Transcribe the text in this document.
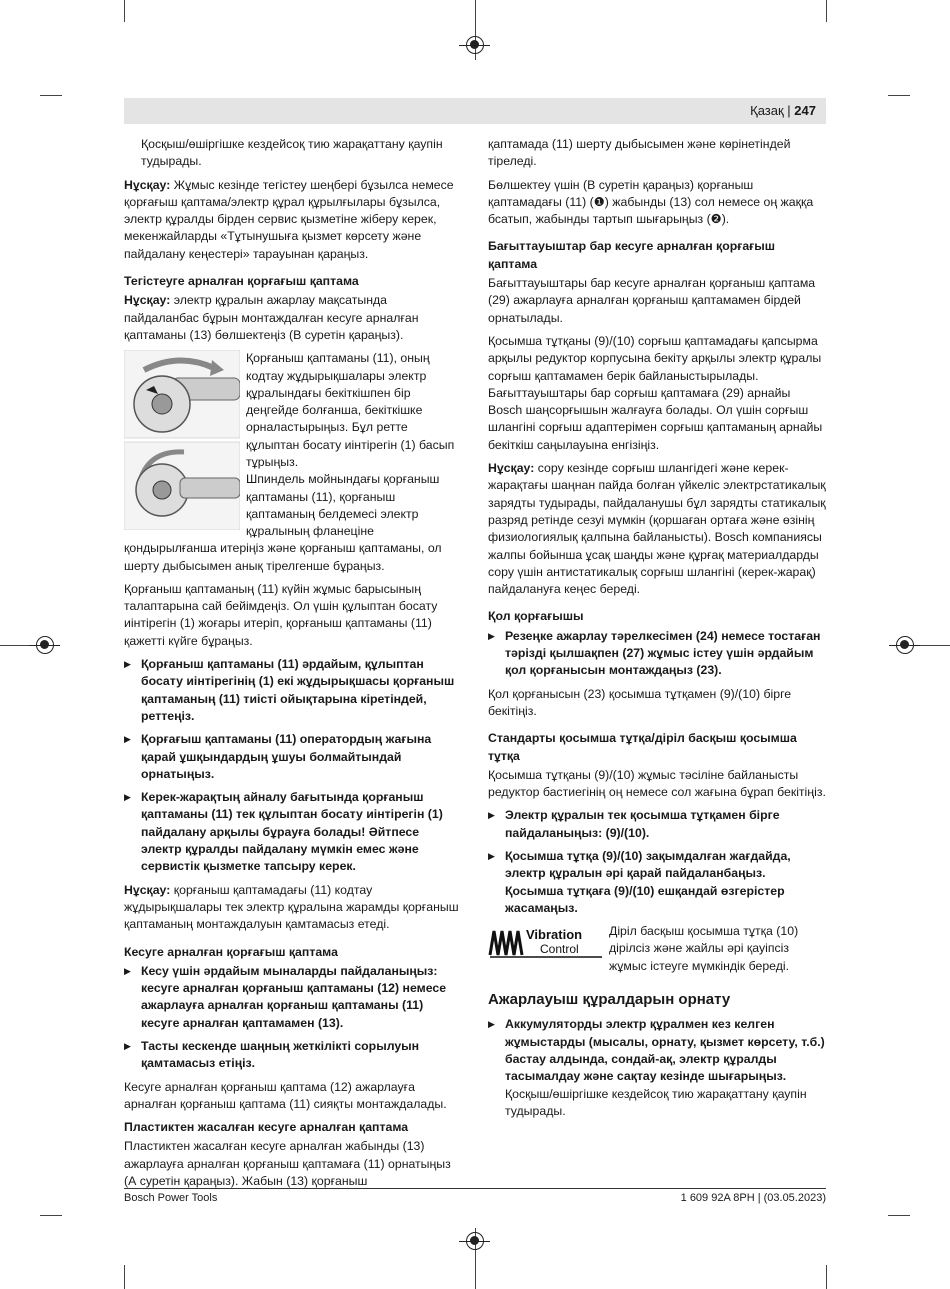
Қазақ | 247

Қосқыш/өшіргішке кездейсоқ тию жарақаттану қаупін тудырады.

Нұсқау: Жұмыс кезінде тегістеу шеңбері бұзылса немесе қорғағыш қаптама/электр құрал құрылғылары бұзылса, электр құралды бірден сервис қызметіне жіберу керек, мекенжайларды «Тұтынушыға қызмет көрсету және пайдалану кеңестері» тарауынан қараңыз.

Тегістеуге арналған қорғағыш қаптама

Нұсқау: электр құралын ажарлау мақсатында пайдаланбас бұрын монтаждалған кесуге арналған қаптаманы (13) бөлшектеңіз (В суретін қараңыз).

Қорғаныш қаптаманы (11), оның кодтау жұдырықшалары электр құралындағы бекіткішпен бір деңгейде болғанша, бекіткішке орналастырыңыз. Бұл ретте құлыптан босату иінтірегін (1) басып тұрыңыз.
Шпиндель мойнындағы қорғаныш қаптаманы (11), қорғаныш қаптаманың белдемесі электр құралының фланеціне

қондырылғанша итеріңіз және қорғаныш қаптаманы, ол шерту дыбысымен анық тірелгенше бұраңыз.

Қорғаныш қаптаманың (11) күйін жұмыс барысының талаптарына сай бейімдеңіз. Ол үшін құлыптан босату иінтірегін (1) жоғары итеріп, қорғаныш қаптаманы (11) қажетті күйге бұраңыз.

▶ Қорғаныш қаптаманы (11) әрдайым, құлыптан босату иінтірегінің (1) екі жұдырықшасы қорғаныш қаптаманың (11) тиісті ойықтарына кіретіндей, реттеңіз.
▶ Қорғағыш қаптаманы (11) оператордың жағына қарай ұшқындардың ұшуы болмайтындай орнатыңыз.
▶ Керек-жарақтың айналу бағытында қорғаныш қаптаманы (11) тек құлыптан босату иінтірегін (1) пайдалану арқылы бұрауға болады! Әйтпесе электр құралды пайдалану мүмкін емес және сервистік қызметке тапсыру керек.

Нұсқау: қорғаныш қаптамадағы (11) кодтау жұдырықшалары тек электр құралына жарамды қорғаныш қаптаманың монтаждалуын қамтамасыз етеді.

Кесуге арналған қорғағыш қаптама
▶ Кесу үшін әрдайым мыналарды пайдаланыңыз: кесуге арналған қорғаныш қаптаманы (12) немесе ажарлауға арналған қорғаныш қаптаманы (11) кесуге арналған қаптамамен (13).
▶ Тасты кескенде шаңның жеткілікті сорылуын қамтамасыз етіңіз.

Кесуге арналған қорғаныш қаптама (12) ажарлауға арналған қорғаныш қаптама (11) сияқты монтаждалады.

Пластиктен жасалған кесуге арналған қаптама

Пластиктен жасалған кесуге арналған жабынды (13) ажарлауға арналған қорғаныш қаптамаға (11) орнатыңыз (А суретін қараңыз). Жабын (13) қорғаныш

қаптамада (11) шерту дыбысымен және көрінетіндей тіреледі.

Бөлшектеу үшін (В суретін қараңыз) қорғаныш қаптамадағы (11) (❶) жабынды (13) сол немесе оң жаққа бсатып, жабынды тартып шығарыңыз (❷).

Бағыттауыштар бар кесуге арналған қорғағыш қаптама

Бағыттауыштары бар кесуге арналған қорғаныш қаптама (29) ажарлауға арналған қорғаныш қаптамамен бірдей орнатылады.

Қосымша тұтқаны (9)/(10) сорғыш қаптамадағы қапсырма арқылы редуктор корпусына бекіту арқылы электр құралы сорғыш қаптамамен берік байланыстырылады. Бағыттауыштары бар сорғыш қаптамаға (29) арнайы Bosch шаңсорғышын жалғауға болады. Ол үшін сорғыш шлангіні сорғыш адаптерімен сорғыш қаптаманың арнайы бекіткіш саңылауына енгізіңіз.

Нұсқау: сору кезінде сорғыш шлангідегі және керек-жарақтағы шаңнан пайда болған үйкеліс электрстатикалық зарядты тудырады, пайдаланушы бұл зарядты статикалық разряд ретінде сезуі мүмкін (қоршаған ортаға және өзінің физиологиялық қалпына байланысты). Bosch компаниясы жалпы бойынша ұсақ шаңды және құрғақ материалдарды сору үшін антистатикалық сорғыш шлангіні (керек-жарақ) пайдалануға кеңес береді.

Қол қорғағышы
▶ Резеңке ажарлау тәрелкесімен (24) немесе тостаған тәрізді қылшақпен (27) жұмыс істеу үшін әрдайым қол қорғанысын монтаждаңыз (23).

Қол қорғанысын (23) қосымша тұтқамен (9)/(10) бірге бекітіңіз.

Стандарты қосымша тұтқа/діріл басқыш қосымша тұтқа

Қосымша тұтқаны (9)/(10) жұмыс тәсіліне байланысты редуктор бастиегінің оң немесе сол жағына бұрап бекітіңіз.

▶ Электр құралын тек қосымша тұтқамен бірге пайдаланыңыз: (9)/(10).
▶ Қосымша тұтқа (9)/(10) зақымдалған жағдайда, электр құралын әрі қарай пайдаланбаңыз. Қосымша тұтқаға (9)/(10) ешқандай өзгерістер жасамаңыз.
Vibration
Control
Діріл басқыш қосымша тұтқа (10) дірілсіз және жайлы әрі қауіпсіз жұмыс істеуге мүмкіндік береді.
Ажарлауыш құралдарын орнату
▶ Аккумуляторды электр құралмен кез келген жұмыстарды (мысалы, орнату, қызмет көрсету, т.б.) бастау алдында, сондай-ақ, электр құралды тасымалдау және сақтау кезінде шығарыңыз. Қосқыш/өшіргішке кездейсоқ тию жарақаттану қаупін тудырады.
Bosch Power Tools	1 609 92A 8PH | (03.05.2023)
